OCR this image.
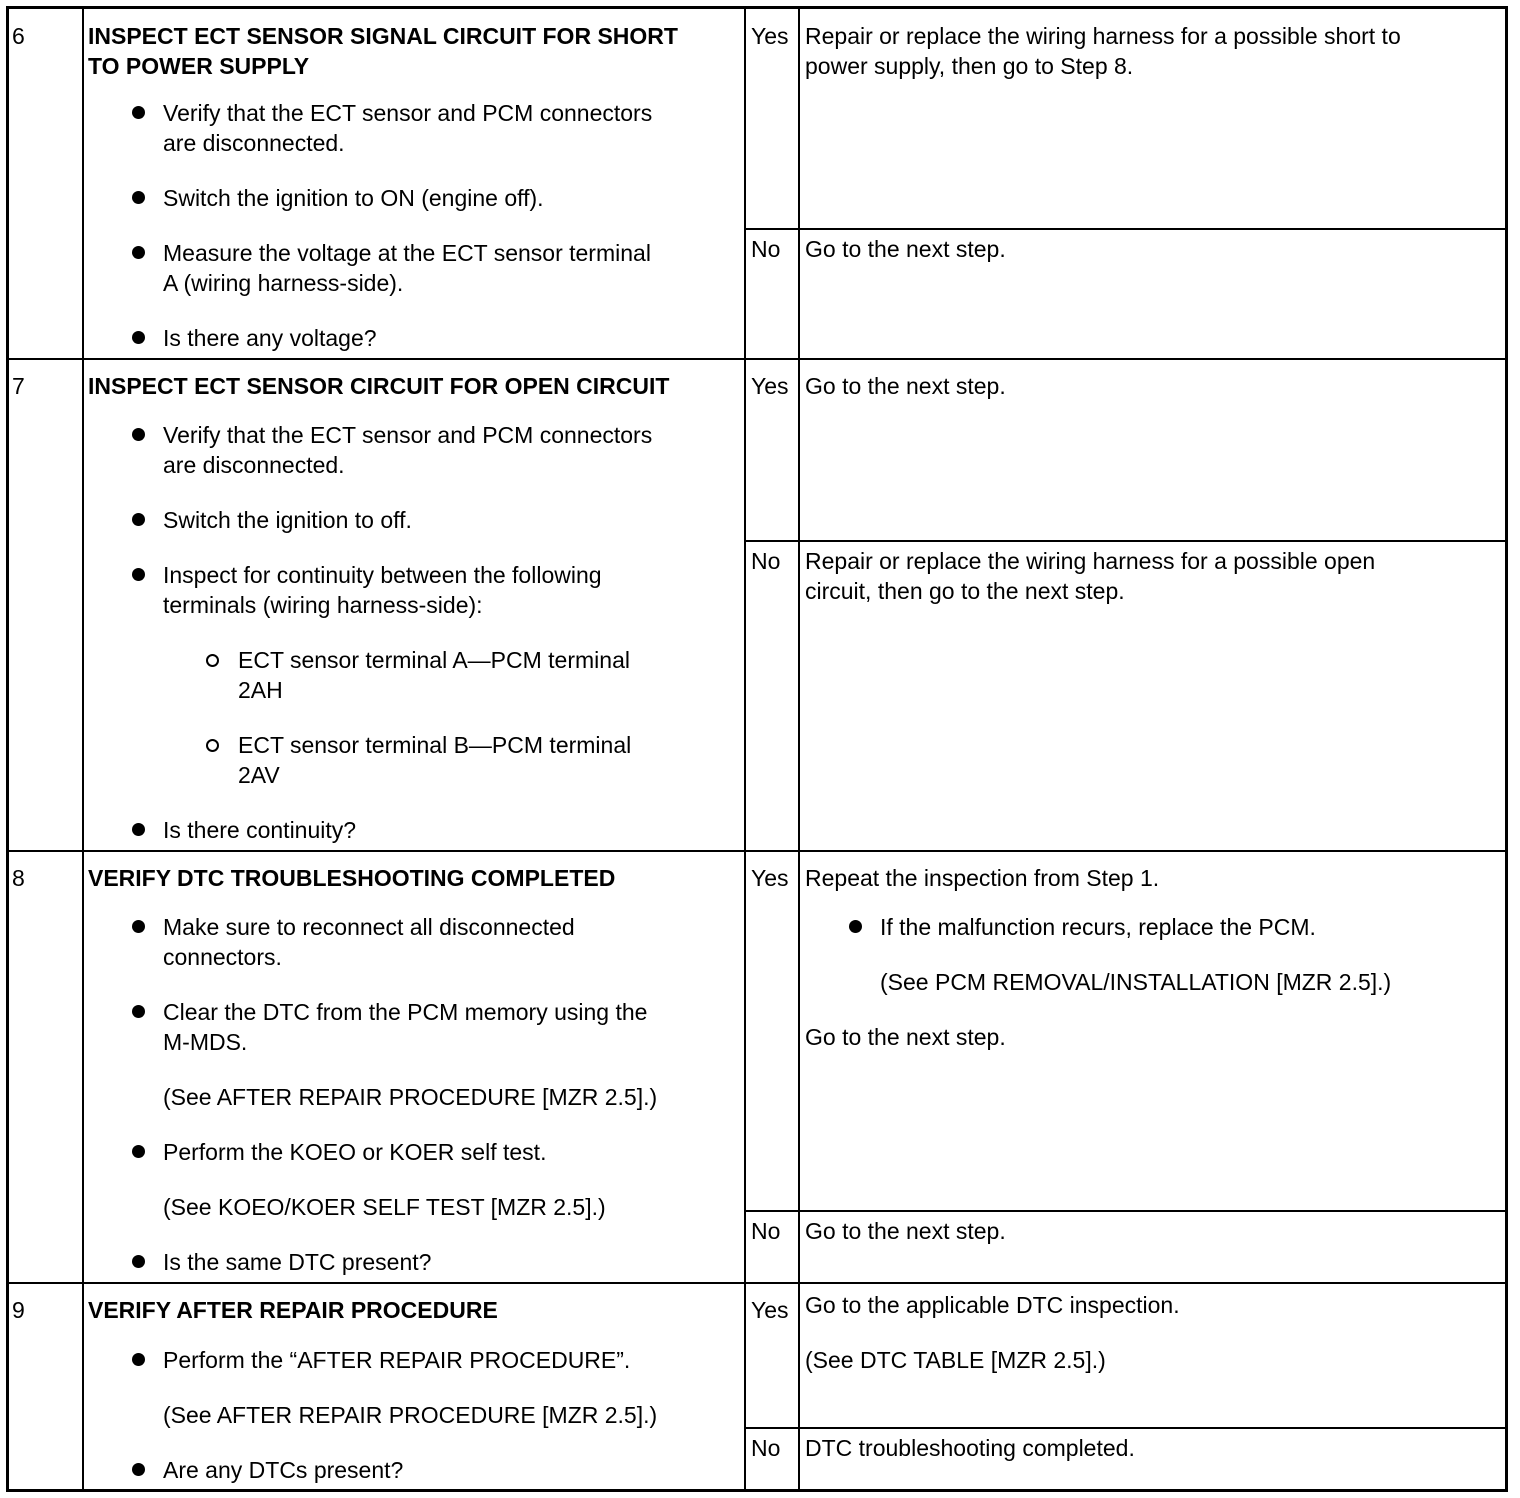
6	INSPECT ECT SENSOR SIGNAL CIRCUIT FOR SHORT
TO POWER SUPPLY
Verify that the ECT sensor and PCM connectors
are disconnected.
Switch the ignition to ON (engine off).
Measure the voltage at the ECT sensor terminal
A (wiring harness-side).
Is there any voltage?
Yes Repair or replace the wiring harness for a possible short to
power supply, then go to Step 8.
No Go to the next step.
7	INSPECT ECT SENSOR CIRCUIT FOR OPEN CIRCUIT
Verify that the ECT sensor and PCM connectors
are disconnected.
Switch the ignition to off.
Inspect for continuity between the following
terminals (wiring harness-side):
ECT sensor terminal A—PCM terminal
2AH
ECT sensor terminal B—PCM terminal
2AV
Is there continuity?
Yes Go to the next step.
No Repair or replace the wiring harness for a possible open
circuit, then go to the next step.
8	VERIFY DTC TROUBLESHOOTING COMPLETED
Make sure to reconnect all disconnected
connectors.
Clear the DTC from the PCM memory using the
M-MDS.
(See AFTER REPAIR PROCEDURE [MZR 2.5].)
Perform the KOEO or KOER self test.
(See KOEO/KOER SELF TEST [MZR 2.5].)
Is the same DTC present?
Yes Repeat the inspection from Step 1.
If the malfunction recurs, replace the PCM.
(See PCM REMOVAL/INSTALLATION [MZR 2.5].)
Go to the next step.
No Go to the next step.
9	VERIFY AFTER REPAIR PROCEDURE
Perform the “AFTER REPAIR PROCEDURE”.
(See AFTER REPAIR PROCEDURE [MZR 2.5].)
Are any DTCs present?
Yes Go to the applicable DTC inspection.
(See DTC TABLE [MZR 2.5].)
No DTC troubleshooting completed.
